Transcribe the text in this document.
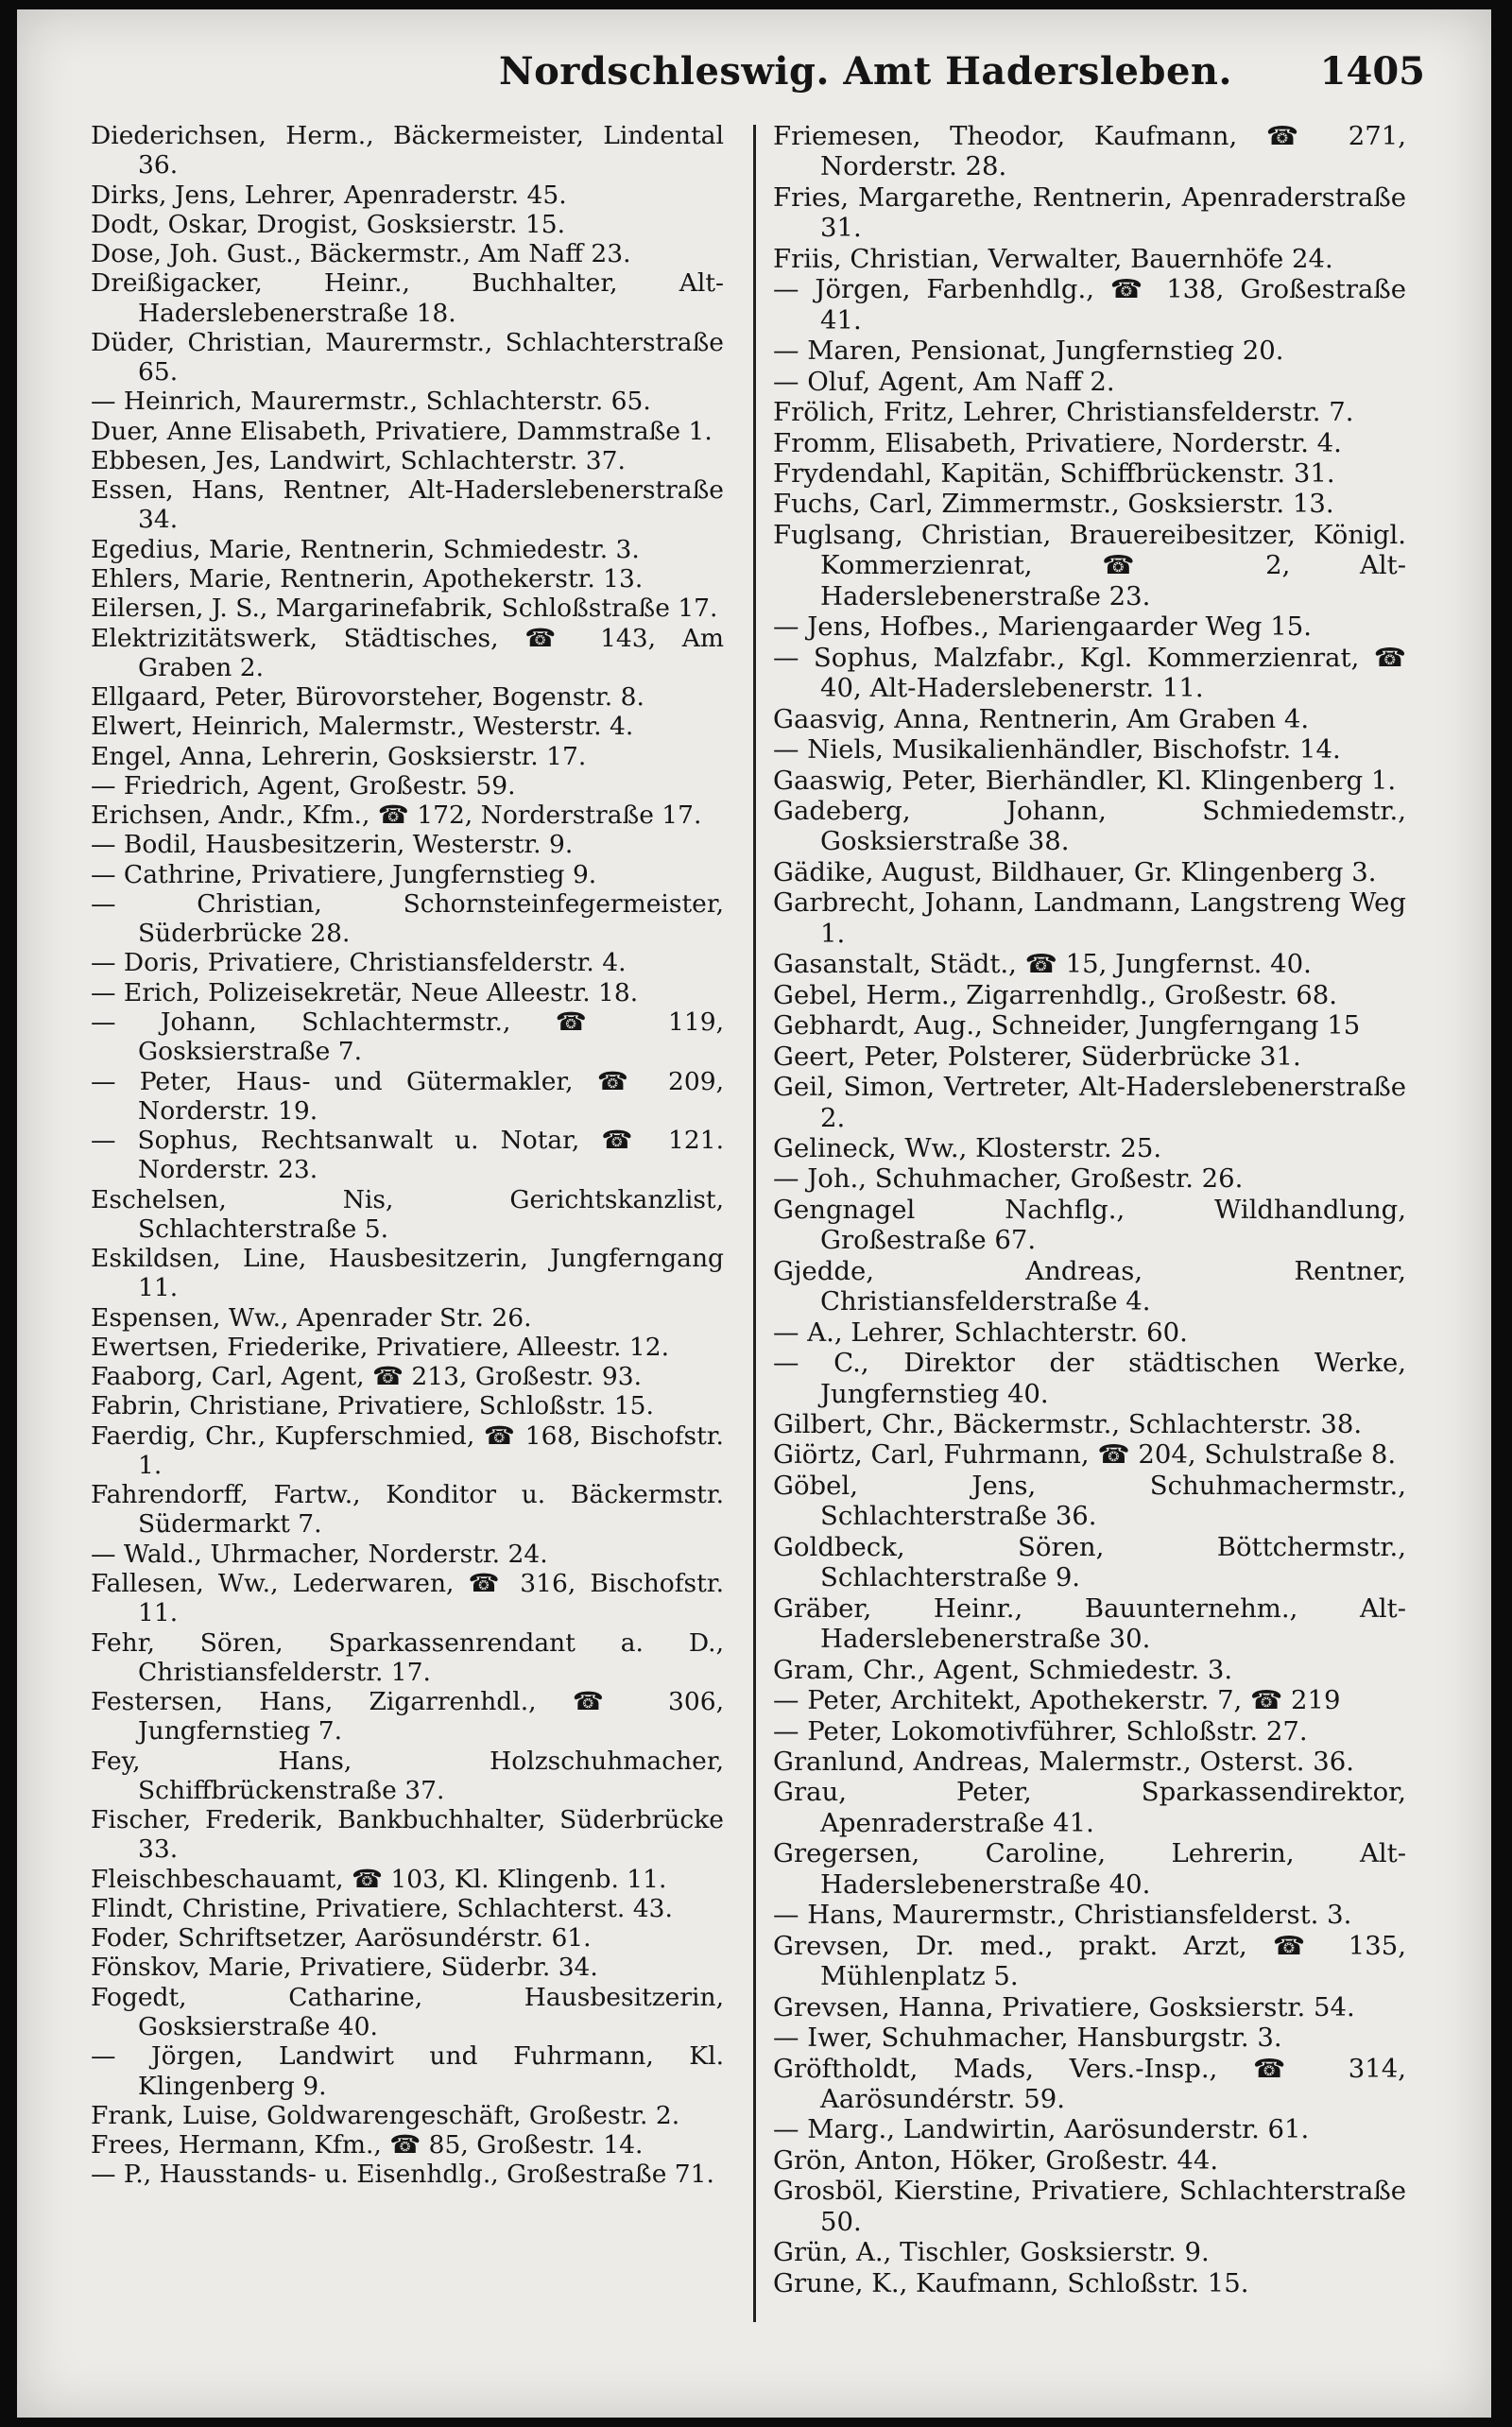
Nordschleswig. Amt Hadersleben. 1405

Diederichsen, Herm., Bäckermeister, Lindental 36.

Dirks, Jens, Lehrer, Apenraderstr. 45.

Dodt, Oskar, Drogist, Gosksierstr. 15.

Dose, Joh. Gust., Bäckermstr., Am Naff 23.

Dreißigacker, Heinr., Buchhalter, Alt-Haderslebenerstraße 18.

Düder, Christian, Maurermstr., Schlachterstraße 65.

— Heinrich, Maurermstr., Schlachterstr. 65.

Duer, Anne Elisabeth, Privatiere, Dammstraße 1.

Ebbesen, Jes, Landwirt, Schlachterstr. 37.

Essen, Hans, Rentner, Alt-Haderslebenerstraße 34.

Egedius, Marie, Rentnerin, Schmiedestr. 3.

Ehlers, Marie, Rentnerin, Apothekerstr. 13.

Eilersen, J. S., Margarinefabrik, Schloßstraße 17.

Elektrizitätswerk, Städtisches, ☎ 143, Am Graben 2.

Ellgaard, Peter, Bürovorsteher, Bogenstr. 8.

Elwert, Heinrich, Malermstr., Westerstr. 4.

Engel, Anna, Lehrerin, Gosksierstr. 17.

— Friedrich, Agent, Großestr. 59.

Erichsen, Andr., Kfm., ☎ 172, Norderstraße 17.

— Bodil, Hausbesitzerin, Westerstr. 9.

— Cathrine, Privatiere, Jungfernstieg 9.

— Christian, Schornsteinfegermeister, Süderbrücke 28.

— Doris, Privatiere, Christiansfelderstr. 4.

— Erich, Polizeisekretär, Neue Alleestr. 18.

— Johann, Schlachtermstr., ☎ 119, Gosksierstraße 7.

— Peter, Haus- und Gütermakler, ☎ 209, Norderstr. 19.

— Sophus, Rechtsanwalt u. Notar, ☎ 121. Norderstr. 23.

Eschelsen, Nis, Gerichtskanzlist, Schlachterstraße 5.

Eskildsen, Line, Hausbesitzerin, Jungferngang 11.

Espensen, Ww., Apenrader Str. 26.

Ewertsen, Friederike, Privatiere, Alleestr. 12.

Faaborg, Carl, Agent, ☎ 213, Großestr. 93.

Fabrin, Christiane, Privatiere, Schloßstr. 15.

Faerdig, Chr., Kupferschmied, ☎ 168, Bischofstr. 1.

Fahrendorff, Fartw., Konditor u. Bäckermstr. Südermarkt 7.

— Wald., Uhrmacher, Norderstr. 24.

Fallesen, Ww., Lederwaren, ☎ 316, Bischofstr. 11.

Fehr, Sören, Sparkassenrendant a. D., Christiansfelderstr. 17.

Festersen, Hans, Zigarrenhdl., ☎ 306, Jungfernstieg 7.

Fey, Hans, Holzschuhmacher, Schiffbrückenstraße 37.

Fischer, Frederik, Bankbuchhalter, Süderbrücke 33.

Fleischbeschauamt, ☎ 103, Kl. Klingenb. 11.

Flindt, Christine, Privatiere, Schlachterst. 43.

Foder, Schriftsetzer, Aarösundérstr. 61.

Fönskov, Marie, Privatiere, Süderbr. 34.

Fogedt, Catharine, Hausbesitzerin, Gosksierstraße 40.

— Jörgen, Landwirt und Fuhrmann, Kl. Klingenberg 9.

Frank, Luise, Goldwarengeschäft, Großestr. 2.

Frees, Hermann, Kfm., ☎ 85, Großestr. 14.

— P., Hausstands- u. Eisenhdlg., Großestraße 71.

Friemesen, Theodor, Kaufmann, ☎ 271, Norderstr. 28.

Fries, Margarethe, Rentnerin, Apenraderstraße 31.

Friis, Christian, Verwalter, Bauernhöfe 24.

— Jörgen, Farbenhdlg., ☎ 138, Großestraße 41.

— Maren, Pensionat, Jungfernstieg 20.

— Oluf, Agent, Am Naff 2.

Frölich, Fritz, Lehrer, Christiansfelderstr. 7.

Fromm, Elisabeth, Privatiere, Norderstr. 4.

Frydendahl, Kapitän, Schiffbrückenstr. 31.

Fuchs, Carl, Zimmermstr., Gosksierstr. 13.

Fuglsang, Christian, Brauereibesitzer, Königl. Kommerzienrat, ☎ 2, Alt-Haderslebenerstraße 23.

— Jens, Hofbes., Mariengaarder Weg 15.

— Sophus, Malzfabr., Kgl. Kommerzienrat, ☎ 40, Alt-Haderslebenerstr. 11.

Gaasvig, Anna, Rentnerin, Am Graben 4.

— Niels, Musikalienhändler, Bischofstr. 14.

Gaaswig, Peter, Bierhändler, Kl. Klingenberg 1.

Gadeberg, Johann, Schmiedemstr., Gosksierstraße 38.

Gädike, August, Bildhauer, Gr. Klingenberg 3.

Garbrecht, Johann, Landmann, Langstreng Weg 1.

Gasanstalt, Städt., ☎ 15, Jungfernst. 40.

Gebel, Herm., Zigarrenhdlg., Großestr. 68.

Gebhardt, Aug., Schneider, Jungferngang 15

Geert, Peter, Polsterer, Süderbrücke 31.

Geil, Simon, Vertreter, Alt-Haderslebenerstraße 2.

Gelineck, Ww., Klosterstr. 25.

— Joh., Schuhmacher, Großestr. 26.

Gengnagel Nachflg., Wildhandlung, Großestraße 67.

Gjedde, Andreas, Rentner, Christiansfelderstraße 4.

— A., Lehrer, Schlachterstr. 60.

— C., Direktor der städtischen Werke, Jungfernstieg 40.

Gilbert, Chr., Bäckermstr., Schlachterstr. 38.

Giörtz, Carl, Fuhrmann, ☎ 204, Schulstraße 8.

Göbel, Jens, Schuhmachermstr., Schlachterstraße 36.

Goldbeck, Sören, Böttchermstr., Schlachterstraße 9.

Gräber, Heinr., Bauunternehm., Alt-Haderslebenerstraße 30.

Gram, Chr., Agent, Schmiedestr. 3.

— Peter, Architekt, Apothekerstr. 7, ☎ 219

— Peter, Lokomotivführer, Schloßstr. 27.

Granlund, Andreas, Malermstr., Osterst. 36.

Grau, Peter, Sparkassendirektor, Apenraderstraße 41.

Gregersen, Caroline, Lehrerin, Alt-Haderslebenerstraße 40.

— Hans, Maurermstr., Christiansfelderst. 3.

Grevsen, Dr. med., prakt. Arzt, ☎ 135, Mühlenplatz 5.

Grevsen, Hanna, Privatiere, Gosksierstr. 54.

— Iwer, Schuhmacher, Hansburgstr. 3.

Gröftholdt, Mads, Vers.-Insp., ☎ 314, Aarösundérstr. 59.

— Marg., Landwirtin, Aarösunderstr. 61.

Grön, Anton, Höker, Großestr. 44.

Grosböl, Kierstine, Privatiere, Schlachterstraße 50.

Grün, A., Tischler, Gosksierstr. 9.

Grune, K., Kaufmann, Schloßstr. 15.
